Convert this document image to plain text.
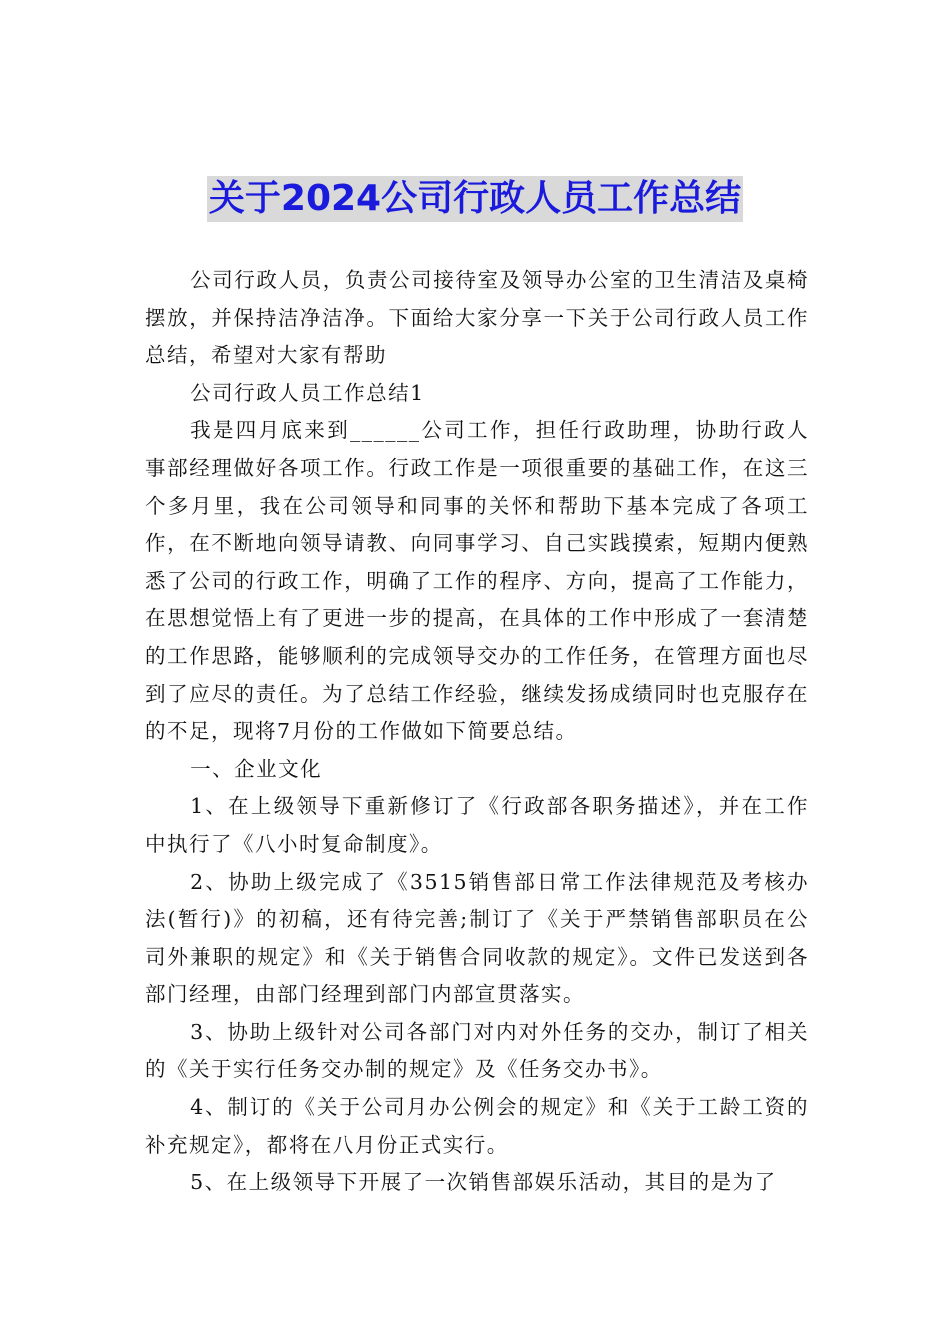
关于2024公司行政人员工作总结

公司行政人员，负责公司接待室及领导办公室的卫生清洁及桌椅摆放，并保持洁净洁净。下面给大家分享一下关于公司行政人员工作总结，希望对大家有帮助

公司行政人员工作总结1

我是四月底来到______公司工作，担任行政助理，协助行政人事部经理做好各项工作。行政工作是一项很重要的基础工作，在这三个多月里，我在公司领导和同事的关怀和帮助下基本完成了各项工作，在不断地向领导请教、向同事学习、自己实践摸索，短期内便熟悉了公司的行政工作，明确了工作的程序、方向，提高了工作能力，在思想觉悟上有了更进一步的提高，在具体的工作中形成了一套清楚的工作思路，能够顺利的完成领导交办的工作任务，在管理方面也尽到了应尽的责任。为了总结工作经验，继续发扬成绩同时也克服存在的不足，现将7月份的工作做如下简要总结。

一、企业文化

1、在上级领导下重新修订了《行政部各职务描述》，并在工作中执行了《八小时复命制度》。

2、协助上级完成了《3515销售部日常工作法律规范及考核办法(暂行)》的初稿，还有待完善;制订了《关于严禁销售部职员在公司外兼职的规定》和《关于销售合同收款的规定》。文件已发送到各部门经理，由部门经理到部门内部宣贯落实。

3、协助上级针对公司各部门对内对外任务的交办，制订了相关的《关于实行任务交办制的规定》及《任务交办书》。

4、制订的《关于公司月办公例会的规定》和《关于工龄工资的补充规定》，都将在八月份正式实行。

5、在上级领导下开展了一次销售部娱乐活动，其目的是为了
